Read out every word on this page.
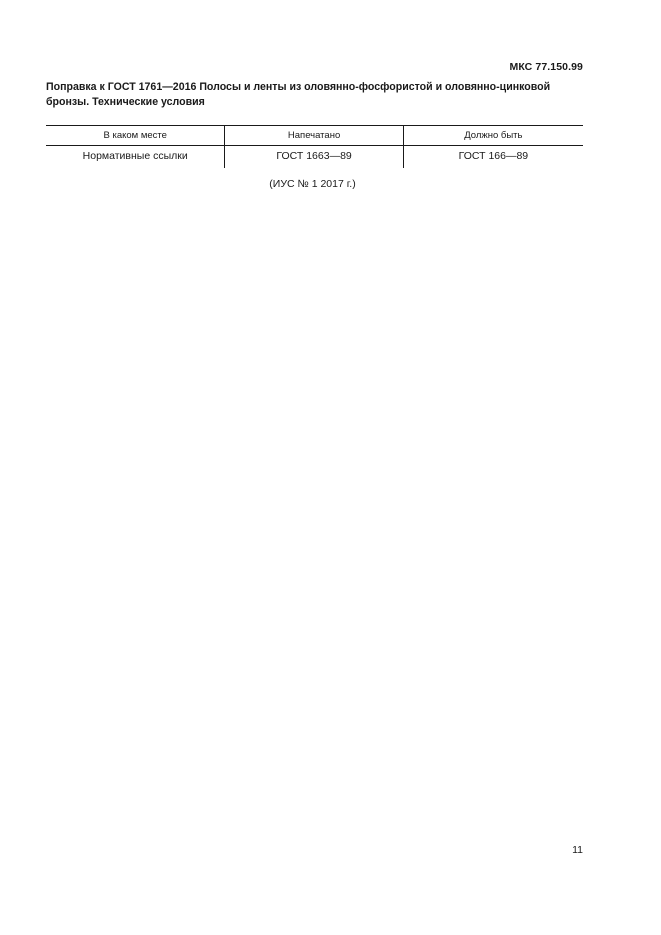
МКС 77.150.99
Поправка к ГОСТ 1761—2016 Полосы и ленты из оловянно-фосфористой и оловянно-цинковой бронзы. Технические условия
В каком месте	Напечатано	Должно быть
Нормативные ссылки	ГОСТ 1663—89	ГОСТ 166—89
(ИУС № 1 2017 г.)
11
